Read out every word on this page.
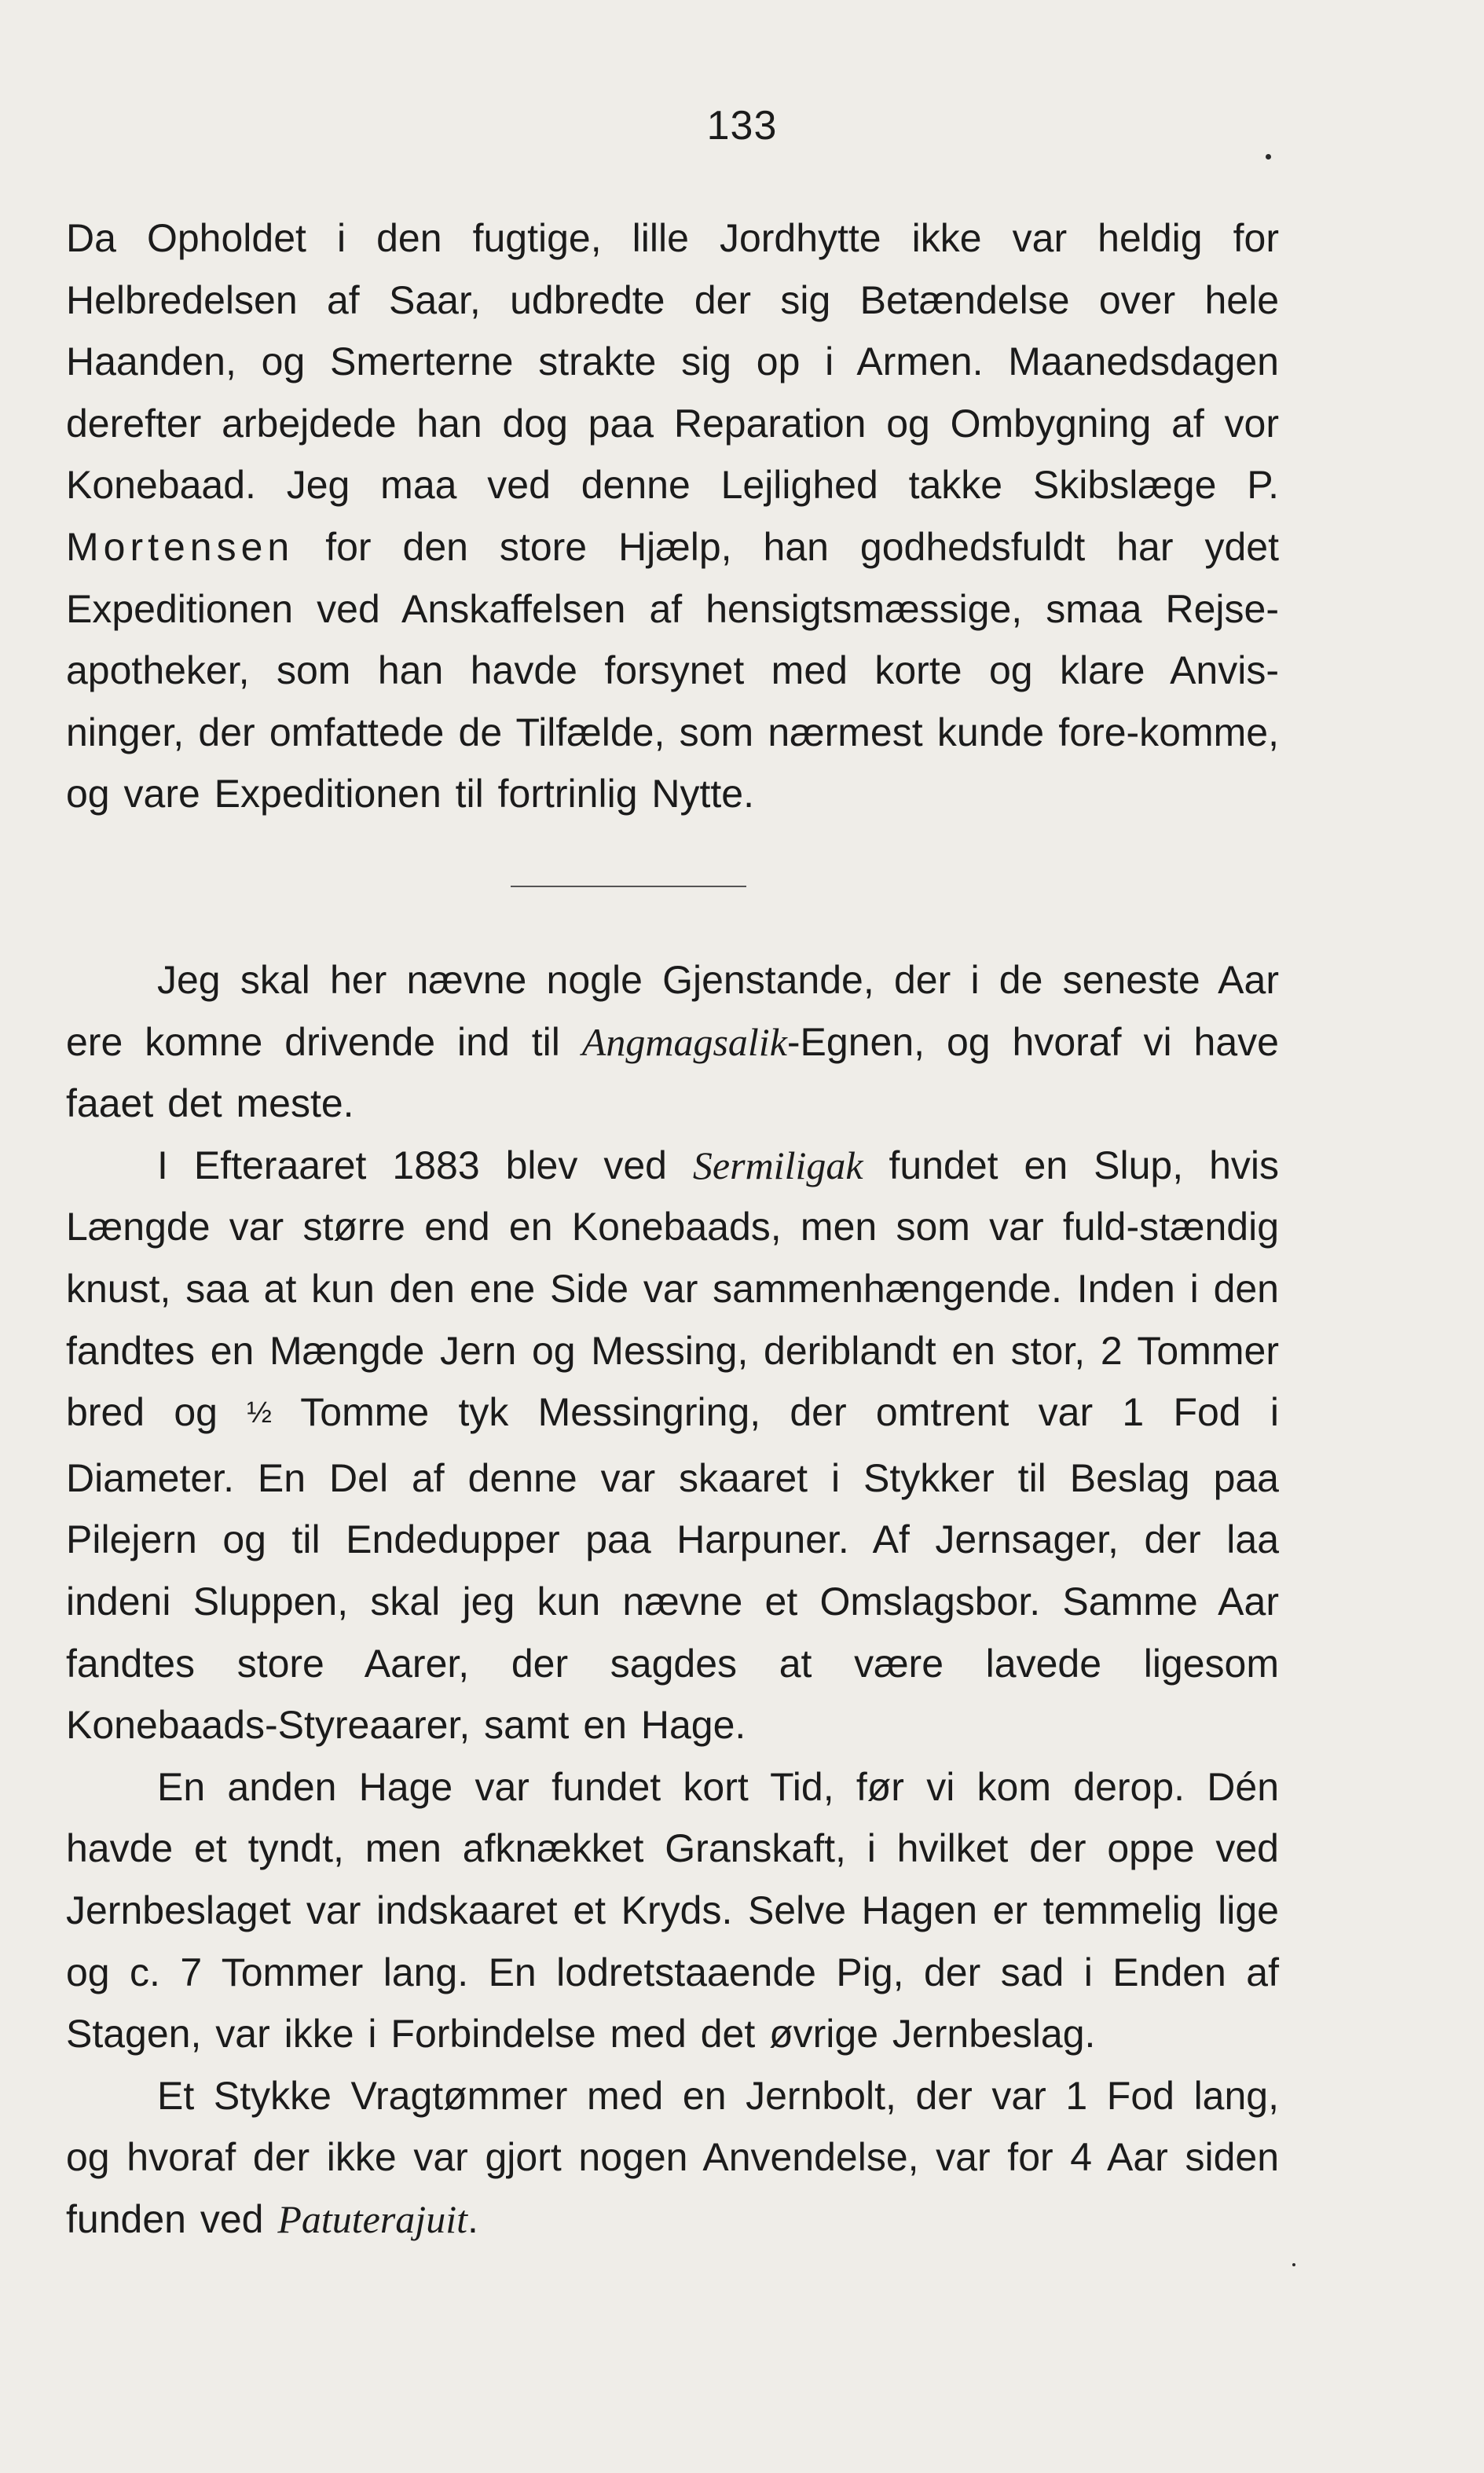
133

Da Opholdet i den fugtige, lille Jordhytte ikke var heldig for Helbredelsen af Saar, udbredte der sig Betændelse over hele Haanden, og Smerterne strakte sig op i Armen. Maanedsdagen derefter arbejdede han dog paa Reparation og Ombygning af vor Konebaad. Jeg maa ved denne Lejlighed takke Skibslæge P. Mortensen for den store Hjælp, han godhedsfuldt har ydet Expeditionen ved Anskaffelsen af hensigtsmæssige, smaa Rejse-apotheker, som han havde forsynet med korte og klare Anvis-ninger, der omfattede de Tilfælde, som nærmest kunde fore-komme, og vare Expeditionen til fortrinlig Nytte.

Jeg skal her nævne nogle Gjenstande, der i de seneste Aar ere komne drivende ind til Angmagsalik-Egnen, og hvoraf vi have faaet det meste.

I Efteraaret 1883 blev ved Sermiligak fundet en Slup, hvis Længde var større end en Konebaads, men som var fuld-stændig knust, saa at kun den ene Side var sammenhængende. Inden i den fandtes en Mængde Jern og Messing, deriblandt en stor, 2 Tommer bred og ½ Tomme tyk Messingring, der omtrent var 1 Fod i Diameter. En Del af denne var skaaret i Stykker til Beslag paa Pilejern og til Endedupper paa Harpuner. Af Jernsager, der laa indeni Sluppen, skal jeg kun nævne et Omslagsbor. Samme Aar fandtes store Aarer, der sagdes at være lavede ligesom Konebaads-Styreaarer, samt en Hage.

En anden Hage var fundet kort Tid, før vi kom derop. Dén havde et tyndt, men afknækket Granskaft, i hvilket der oppe ved Jernbeslaget var indskaaret et Kryds. Selve Hagen er temmelig lige og c. 7 Tommer lang. En lodretstaaende Pig, der sad i Enden af Stagen, var ikke i Forbindelse med det øvrige Jernbeslag.

Et Stykke Vragtømmer med en Jernbolt, der var 1 Fod lang, og hvoraf der ikke var gjort nogen Anvendelse, var for 4 Aar siden funden ved Patuterajuit.
